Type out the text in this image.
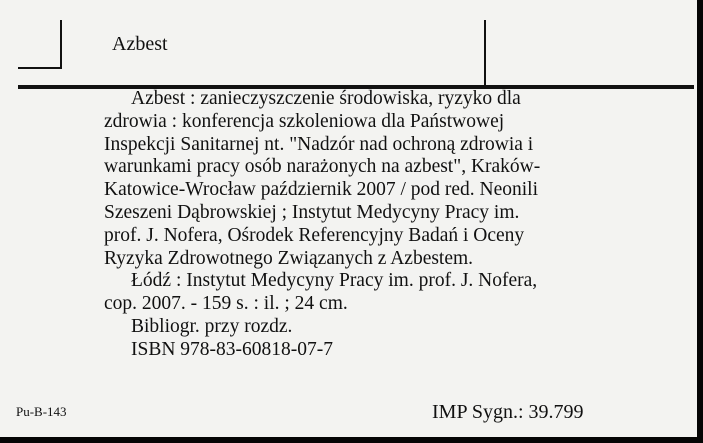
Azbest

Azbest : zanieczyszczenie środowiska, ryzyko dla

zdrowia : konferencja szkoleniowa dla Państwowej

Inspekcji Sanitarnej nt. "Nadzór nad ochroną zdrowia i

warunkami pracy osób narażonych na azbest", Kraków-

Katowice-Wrocław październik 2007 / pod red. Neonili

Szeszeni Dąbrowskiej ; Instytut Medycyny Pracy im.

prof. J. Nofera, Ośrodek Referencyjny Badań i Oceny

Ryzyka Zdrowotnego Związanych z Azbestem.

Łódź : Instytut Medycyny Pracy im. prof. J. Nofera,

cop. 2007. - 159 s. : il. ; 24 cm.

Bibliogr. przy rozdz.

ISBN 978-83-60818-07-7

Pu-B-143	IMP Sygn.: 39.799
